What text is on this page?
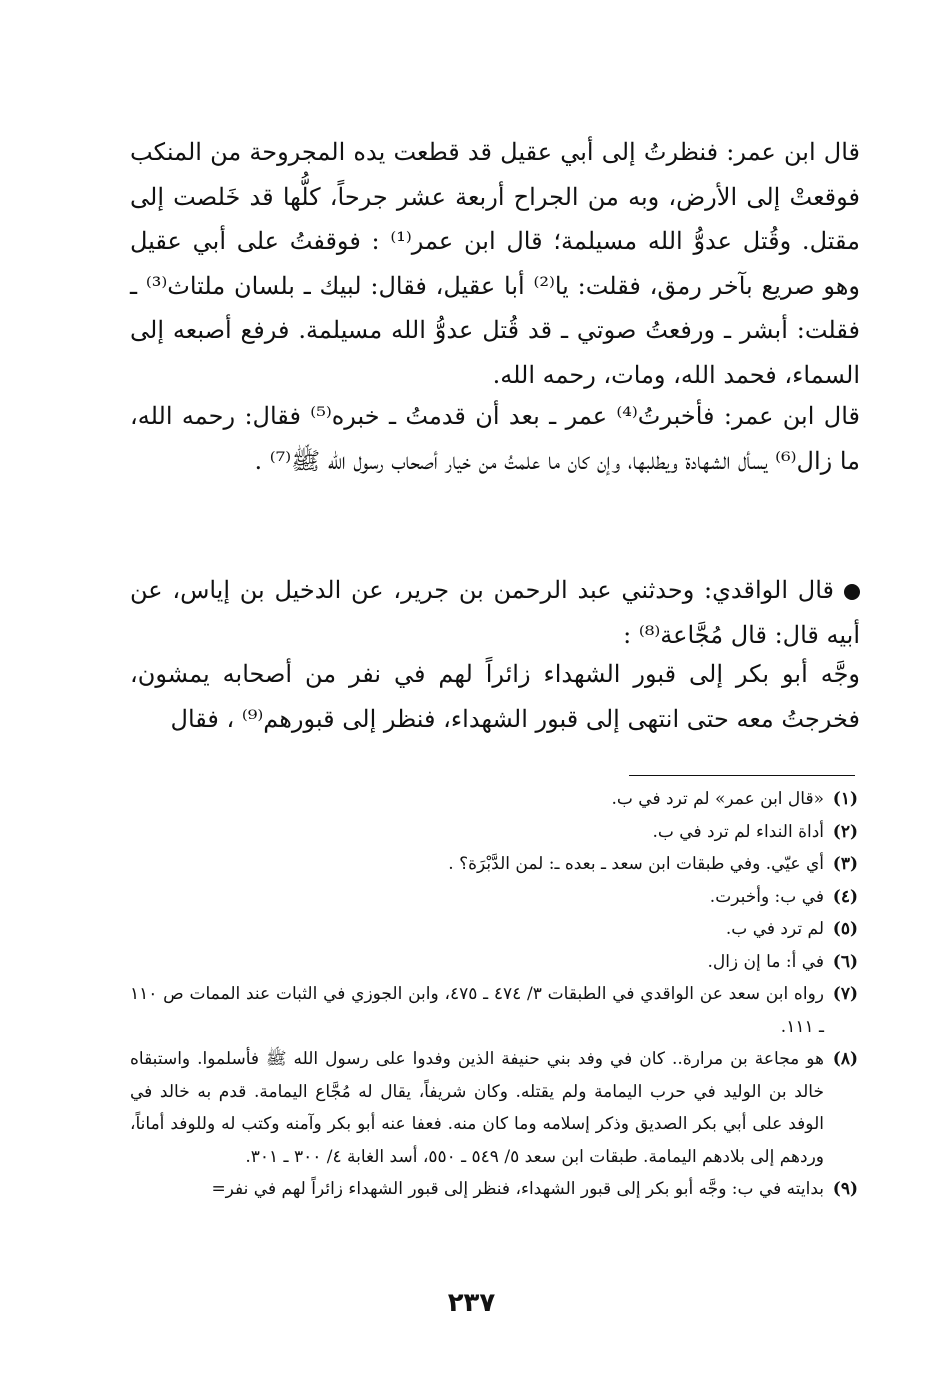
قال ابن عمر: فنظرتُ إلى أبي عقيل قد قطعت يده المجروحة من المنكب فوقعتْ إلى الأرض، وبه من الجراح أربعة عشر جرحاً، كلُّها قد خَلصت إلى مقتل. وقُتل عدوُّ الله مسيلمة؛ قال ابن عمر⁽¹⁾ : فوقفتُ على أبي عقيل وهو صريع بآخر رمق، فقلت: يا⁽²⁾ أبا عقيل، فقال: لبيك ـ بلسان ملتاث⁽³⁾ ـ فقلت: أبشر ـ ورفعتُ صوتي ـ قد قُتل عدوُّ الله مسيلمة. فرفع أصبعه إلى السماء، فحمد الله، ومات، رحمه الله.

قال ابن عمر: فأخبرتُ⁽⁴⁾ عمر ـ بعد أن قدمتُ ـ خبره⁽⁵⁾ فقال: رحمه الله، ما زال⁽⁶⁾ يسأل الشهادة ويطلبها، وإن كان ما علمتُ من خيار أصحاب رسول الله ﷺ⁽⁷⁾ .

قال الواقدي: وحدثني عبد الرحمن بن جرير، عن الدخيل بن إياس، عن أبيه قال: قال مُجَّاعة⁽⁸⁾ :

وجَّه أبو بكر إلى قبور الشهداء زائراً لهم في نفر من أصحابه يمشون، فخرجتُ معه حتى انتهى إلى قبور الشهداء، فنظر إلى قبورهم⁽⁹⁾ ، فقال

(١)
«قال ابن عمر» لم ترد في ب.
(٢)
أداة النداء لم ترد في ب.
(٣)
أي عيّي. وفي طبقات ابن سعد ـ بعده ـ: لمن الدَّبْرَة؟ .
(٤)
في ب: وأخبرت.
(٥)
لم ترد في ب.
(٦)
في أ: ما إن زال.
(٧)
رواه ابن سعد عن الواقدي في الطبقات ٣/ ٤٧٤ ـ ٤٧٥، وابن الجوزي في الثبات عند الممات ص ١١٠ ـ ١١١.
(٨)
هو مجاعة بن مرارة.. كان في وفد بني حنيفة الذين وفدوا على رسول الله ﷺ فأسلموا. واستبقاه خالد بن الوليد في حرب اليمامة ولم يقتله. وكان شريفاً، يقال له مُجَّاع اليمامة. قدم به خالد في الوفد على أبي بكر الصديق وذكر إسلامه وما كان منه. فعفا عنه أبو بكر وآمنه وكتب له وللوفد أماناً، وردهم إلى بلادهم اليمامة. طبقات ابن سعد ٥/ ٥٤٩ ـ ٥٥٠، أسد الغابة ٤/ ٣٠٠ ـ ٣٠١.
(٩)
بدايته في ب: وجَّه أبو بكر إلى قبور الشهداء، فنظر إلى قبور الشهداء زائراً لهم في نفر=
٢٣٧
